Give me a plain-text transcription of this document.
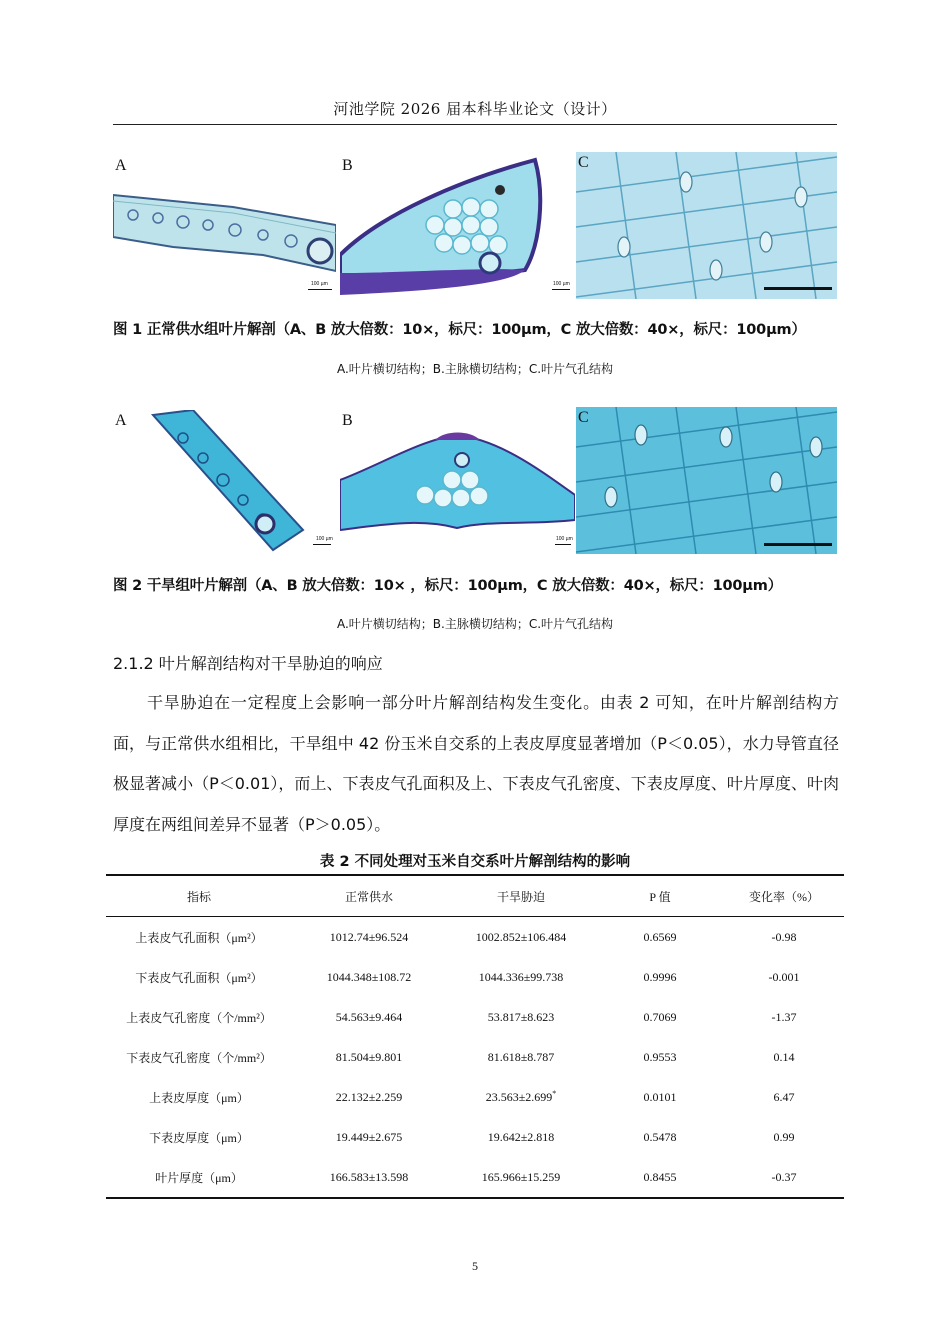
河池学院 2026 届本科毕业论文（设计）
A
100 µm
B
100 µm
C
图 1 正常供水组叶片解剖（A、B 放大倍数：10×，标尺：100μm，C 放大倍数：40×，标尺：100μm）
A.叶片横切结构；B.主脉横切结构；C.叶片气孔结构
A
100 µm
B
100 µm
C
图 2 干旱组叶片解剖（A、B 放大倍数：10× ，标尺：100μm，C 放大倍数：40×，标尺：100μm）
A.叶片横切结构；B.主脉横切结构；C.叶片气孔结构
2.1.2 叶片解剖结构对干旱胁迫的响应
干旱胁迫在一定程度上会影响一部分叶片解剖结构发生变化。由表 2 可知，在叶片解剖结构方面，与正常供水组相比，干旱组中 42 份玉米自交系的上表皮厚度显著增加（P＜0.05），水力导管直径极显著减小（P＜0.01），而上、下表皮气孔面积及上、下表皮气孔密度、下表皮厚度、叶片厚度、叶肉厚度在两组间差异不显著（P＞0.05）。
表 2 不同处理对玉米自交系叶片解剖结构的影响
指标	正常供水	干旱胁迫	P 值	变化率（%）
上表皮气孔面积（μm²）	1012.74±96.524	1002.852±106.484	0.6569	-0.98
下表皮气孔面积（μm²）	1044.348±108.72	1044.336±99.738	0.9996	-0.001
上表皮气孔密度（个/mm²）	54.563±9.464	53.817±8.623	0.7069	-1.37
下表皮气孔密度（个/mm²）	81.504±9.801	81.618±8.787	0.9553	0.14
上表皮厚度（μm）	22.132±2.259	23.563±2.699*	0.0101	6.47
下表皮厚度（μm）	19.449±2.675	19.642±2.818	0.5478	0.99
叶片厚度（μm）	166.583±13.598	165.966±15.259	0.8455	-0.37
5
